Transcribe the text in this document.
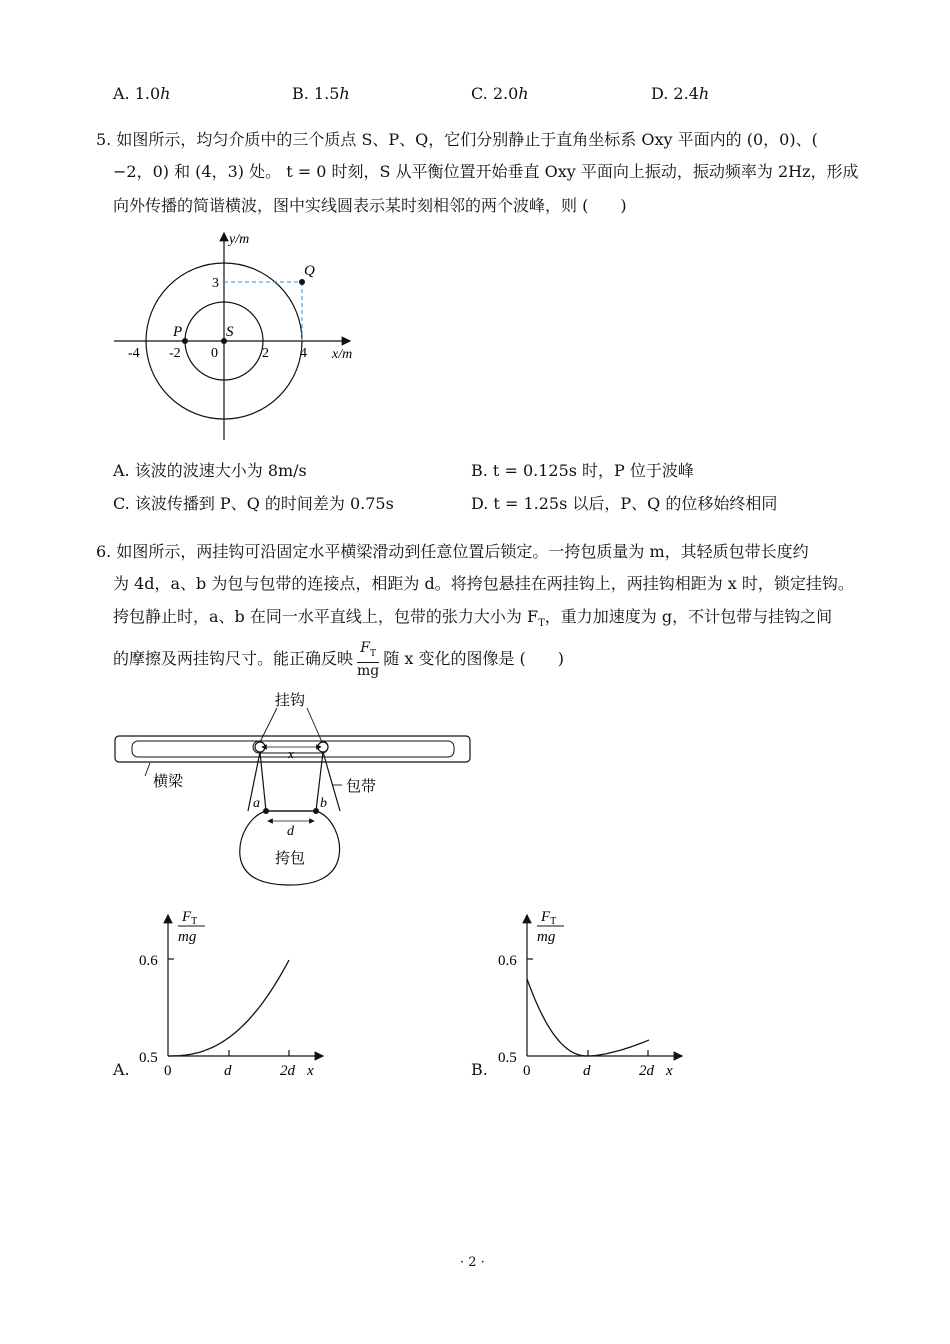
A. 1.0h	B. 1.5h	C. 2.0h	D. 2.4h
5. 如图所示，均匀介质中的三个质点 S、P、Q，它们分别静止于直角坐标系 Oxy 平面内的 (0，0)、(
−2，0) 和 (4，3) 处。 t = 0 时刻，S 从平衡位置开始垂直 Oxy 平面向上振动，振动频率为 2Hz，形成
向外传播的简谐横波，图中实线圆表示某时刻相邻的两个波峰，则 (　　)
y/m
x/m
Q
P	S
3
-4 -2 0	2 4
A. 该波的波速大小为 8m/s	B. t = 0.125s 时，P 位于波峰
C. 该波传播到 P、Q 的时间差为 0.75s	D. t = 1.25s 以后，P、Q 的位移始终相同
6. 如图所示，两挂钩可沿固定水平横梁滑动到任意位置后锁定。一挎包质量为 m，其轻质包带长度约
为 4d，a、b 为包与包带的连接点，相距为 d。将挎包悬挂在两挂钩上，两挂钩相距为 x 时，锁定挂钩。
挎包静止时，a、b 在同一水平直线上，包带的张力大小为 $F_T$，重力加速度为 g，不计包带与挂钩之间
的摩擦及两挂钩尺寸。能正确反映 $\frac{F_T}{mg}$ 随 x 变化的图像是 (　　)
x
挂钩
横梁	包带
a	b
d
挎包
A.
$F_T$
mg
0.6
0.5
0	d	2d x	B.
$F_T$
mg
0.6
0.5
0	d	2d x
· 2 ·
